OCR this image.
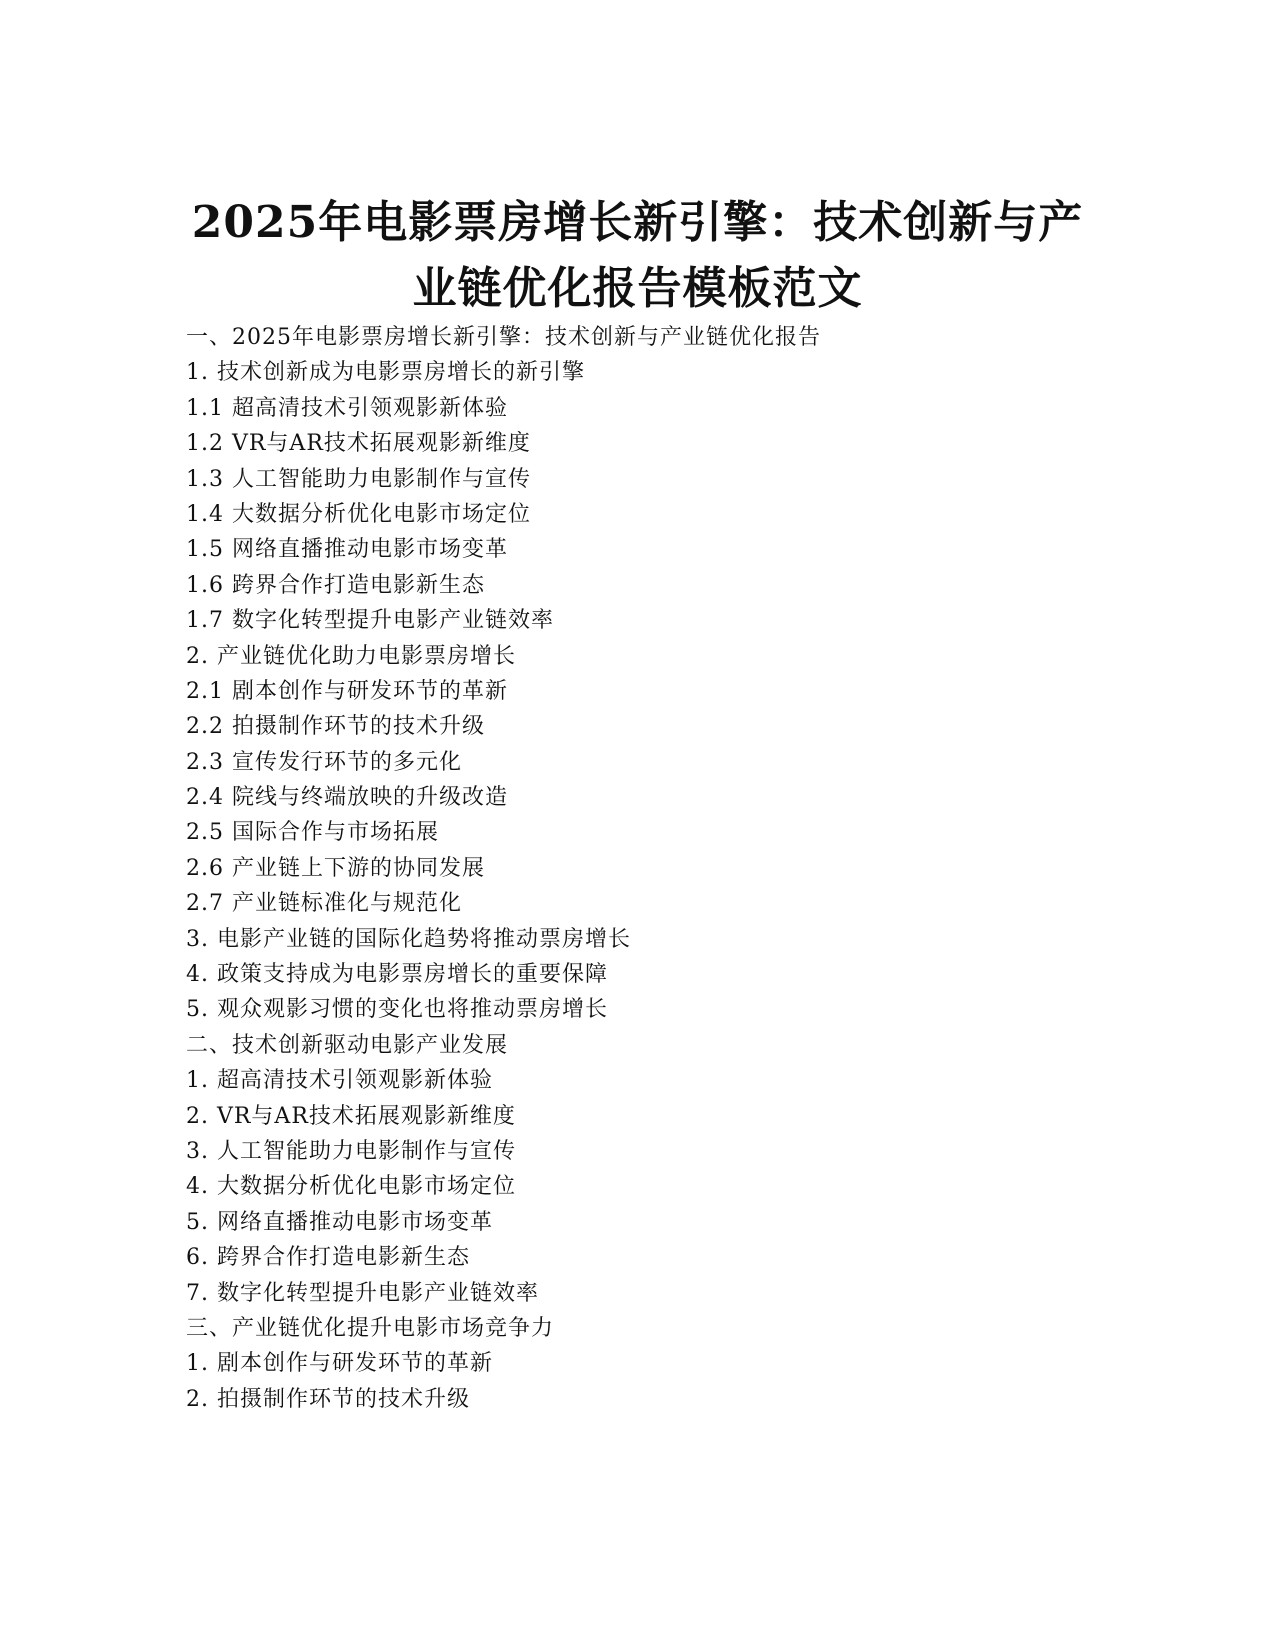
2025年电影票房增长新引擎：技术创新与产
业链优化报告模板范文
一、2025年电影票房增长新引擎：技术创新与产业链优化报告
1. 技术创新成为电影票房增长的新引擎
1.1 超高清技术引领观影新体验
1.2 VR与AR技术拓展观影新维度
1.3 人工智能助力电影制作与宣传
1.4 大数据分析优化电影市场定位
1.5 网络直播推动电影市场变革
1.6 跨界合作打造电影新生态
1.7 数字化转型提升电影产业链效率
2. 产业链优化助力电影票房增长
2.1 剧本创作与研发环节的革新
2.2 拍摄制作环节的技术升级
2.3 宣传发行环节的多元化
2.4 院线与终端放映的升级改造
2.5 国际合作与市场拓展
2.6 产业链上下游的协同发展
2.7 产业链标准化与规范化
3. 电影产业链的国际化趋势将推动票房增长
4. 政策支持成为电影票房增长的重要保障
5. 观众观影习惯的变化也将推动票房增长
二、技术创新驱动电影产业发展
1. 超高清技术引领观影新体验
2. VR与AR技术拓展观影新维度
3. 人工智能助力电影制作与宣传
4. 大数据分析优化电影市场定位
5. 网络直播推动电影市场变革
6. 跨界合作打造电影新生态
7. 数字化转型提升电影产业链效率
三、产业链优化提升电影市场竞争力
1. 剧本创作与研发环节的革新
2. 拍摄制作环节的技术升级
